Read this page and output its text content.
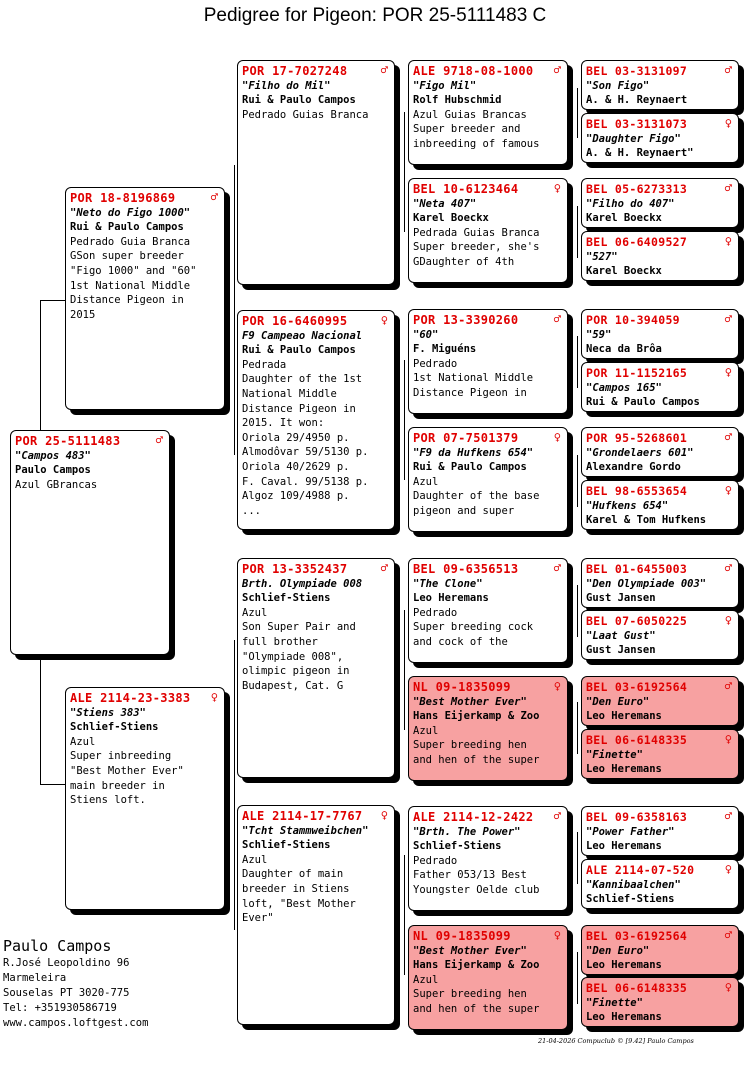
Pedigree for Pigeon: POR 25-5111483 C
POR 25-5111483	♂
"Campos 483"
Paulo Campos
Azul GBrancas
POR 18-8196869	♂
"Neto do Figo 1000"
Rui & Paulo Campos
Pedrado Guia Branca
GSon super breeder
"Figo 1000" and "60"
1st National Middle
Distance Pigeon in
2015
ALE 2114-23-3383	♀
"Stiens 383"
Schlief-Stiens
Azul
Super inbreeding
"Best Mother Ever"
main breeder in
Stiens loft.
POR 17-7027248	♂
"Filho do Mil"
Rui & Paulo Campos
Pedrado Guias Branca
POR 16-6460995	♀
F9 Campeao Nacional
Rui & Paulo Campos
Pedrada
Daughter of the 1st
National Middle
Distance Pigeon in
2015. It won:
Oriola 29/4950 p.
Almodôvar 59/5130 p.
Oriola 40/2629 p.
F. Caval. 99/5138 p.
Algoz 109/4988 p.
...
POR 13-3352437	♂
Brth. Olympiade 008
Schlief-Stiens
Azul
Son Super Pair and
full brother
"Olympiade 008",
olimpic pigeon in
Budapest, Cat. G
ALE 2114-17-7767	♀
"Tcht Stammweibchen"
Schlief-Stiens
Azul
Daughter of main
breeder in Stiens
loft, "Best Mother
Ever"
ALE 9718-08-1000	♂
"Figo Mil"
Rolf Hubschmid
Azul Guias Brancas
Super breeder and
inbreeding of famous
BEL 10-6123464	♀
"Neta 407"
Karel Boeckx
Pedrada Guias Branca
Super breeder, she's
GDaughter of 4th
POR 13-3390260	♂
"60"
F. Miguéns
Pedrado
1st National Middle
Distance Pigeon in
POR 07-7501379	♀
"F9 da Hufkens 654"
Rui & Paulo Campos
Azul
Daughter of the base
pigeon and super
BEL 09-6356513	♂
"The Clone"
Leo Heremans
Pedrado
Super breeding cock
and cock of the
NL 09-1835099	♀
"Best Mother Ever"
Hans Eijerkamp & Zoo
Azul
Super breeding hen
and hen of the super
ALE 2114-12-2422	♂
"Brth. The Power"
Schlief-Stiens
Pedrado
Father 053/13 Best
Youngster Oelde club
NL 09-1835099	♀
"Best Mother Ever"
Hans Eijerkamp & Zoo
Azul
Super breeding hen
and hen of the super
BEL 03-3131097	♂
"Son Figo"
A. & H. Reynaert
BEL 03-3131073	♀
"Daughter Figo"
A. & H. Reynaert"
BEL 05-6273313	♂
"Filho do 407"
Karel Boeckx
BEL 06-6409527	♀
"527"
Karel Boeckx
POR 10-394059	♂
"59"
Neca da Brôa
POR 11-1152165	♀
"Campos 165"
Rui & Paulo Campos
POR 95-5268601	♂
"Grondelaers 601"
Alexandre Gordo
BEL 98-6553654	♀
"Hufkens 654"
Karel & Tom Hufkens
BEL 01-6455003	♂
"Den Olympiade 003"
Gust Jansen
BEL 07-6050225	♀
"Laat Gust"
Gust Jansen
BEL 03-6192564	♂
"Den Euro"
Leo Heremans
BEL 06-6148335	♀
"Finette"
Leo Heremans
BEL 09-6358163	♂
"Power Father"
Leo Heremans
ALE 2114-07-520	♀
"Kannibaalchen"
Schlief-Stiens
BEL 03-6192564	♂
"Den Euro"
Leo Heremans
BEL 06-6148335	♀
"Finette"
Leo Heremans
Paulo Campos
R.José Leopoldino 96
Marmeleira
Souselas PT 3020-775
Tel: +351930586719
www.campos.loftgest.com
21-04-2026 Compuclub © [9.42] Paulo Campos
